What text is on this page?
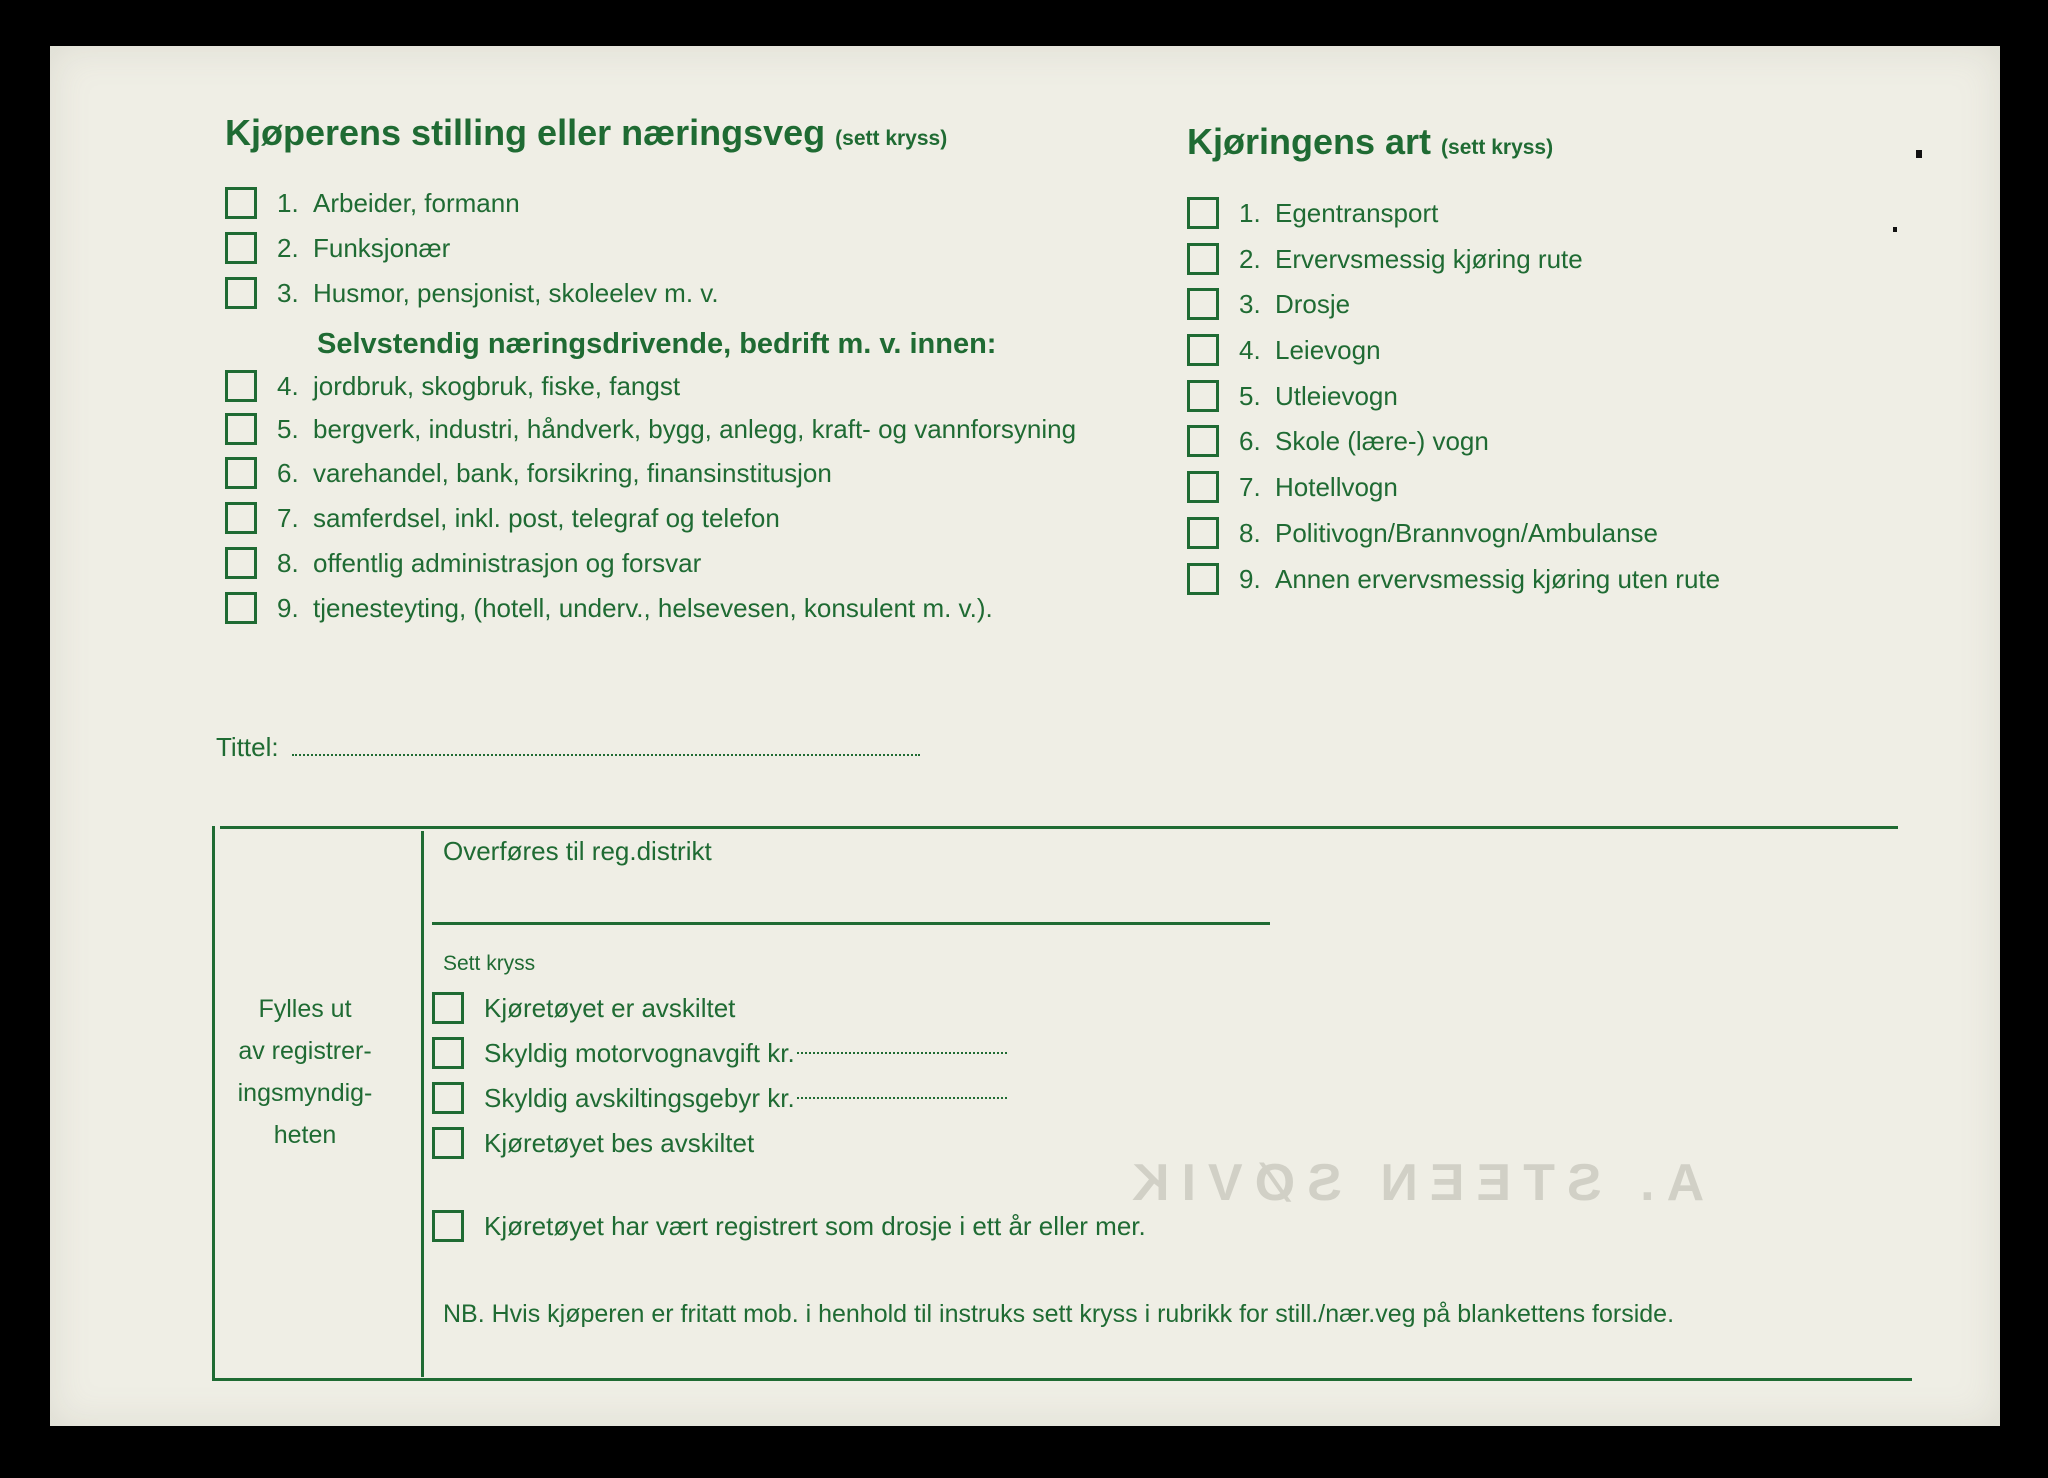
A. STEEN SØVIK
Kjøperens stilling eller næringsveg (sett kryss)
1. Arbeider, formann
2. Funksjonær
3. Husmor, pensjonist, skoleelev m. v.
Selvstendig næringsdrivende, bedrift m. v. innen:
4. jordbruk, skogbruk, fiske, fangst
5. bergverk, industri, håndverk, bygg, anlegg, kraft- og vannforsyning
6. varehandel, bank, forsikring, finansinstitusjon
7. samferdsel, inkl. post, telegraf og telefon
8. offentlig administrasjon og forsvar
9. tjenesteyting, (hotell, underv., helsevesen, konsulent m. v.).
Kjøringens art (sett kryss)
1. Egentransport
2. Ervervsmessig kjøring rute
3. Drosje
4. Leievogn
5. Utleievogn
6. Skole (lære-) vogn
7. Hotellvogn
8. Politivogn/Brannvogn/Ambulanse
9. Annen ervervsmessig kjøring uten rute
Tittel:
Fylles ut
av registrer-
ingsmyndig-
heten
Overføres til reg.distrikt
Sett kryss
Kjøretøyet er avskiltet
Skyldig motorvognavgift kr.
Skyldig avskiltingsgebyr kr.
Kjøretøyet bes avskiltet
Kjøretøyet har vært registrert som drosje i ett år eller mer.
NB. Hvis kjøperen er fritatt mob. i henhold til instruks sett kryss i rubrikk for still./nær.veg på blankettens forside.
